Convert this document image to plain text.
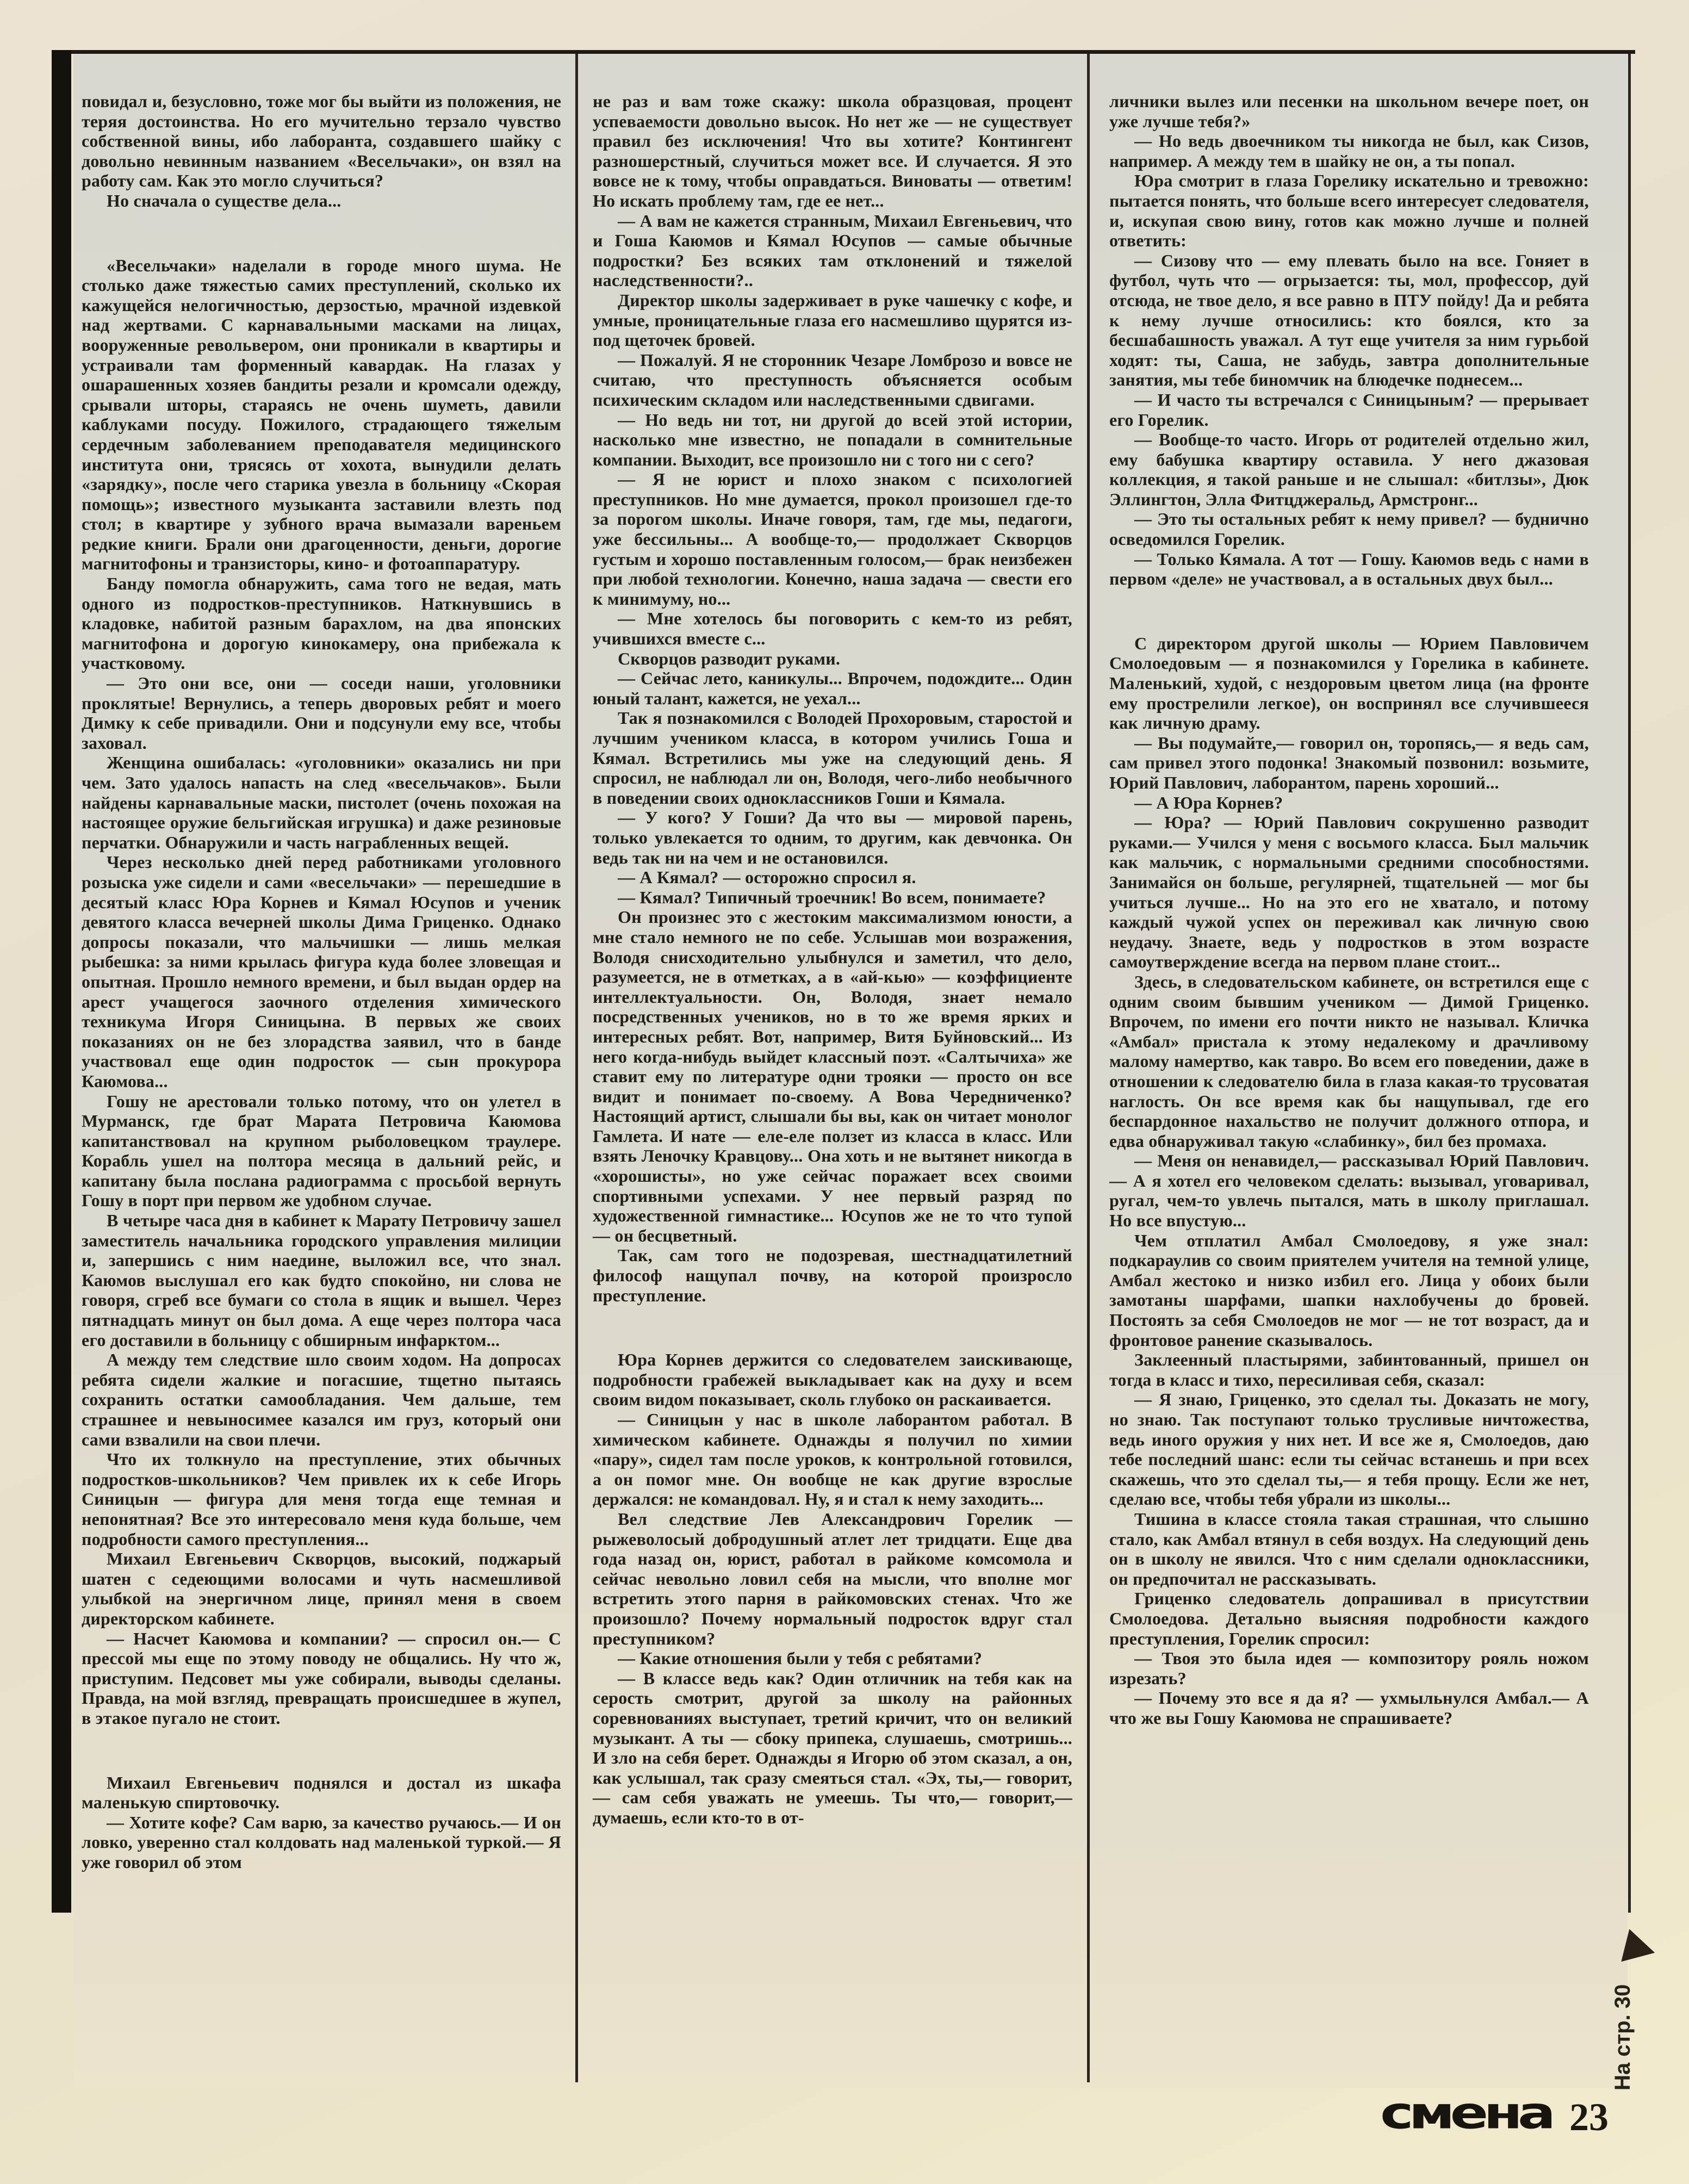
повидал и, безусловно, тоже мог бы выйти из положения, не теряя достоинства. Но его мучительно терзало чувство собственной вины, ибо лаборанта, создавшего шайку с довольно невинным названием «Весельчаки», он взял на работу сам. Как это могло случиться?

Но сначала о существе дела...

«Весельчаки» наделали в городе много шума. Не столько даже тяжестью самих преступлений, сколько их кажущейся нелогичностью, дерзостью, мрачной издевкой над жертвами. С карнавальными масками на лицах, вооруженные револьвером, они проникали в квартиры и устраивали там форменный кавардак. На глазах у ошарашенных хозяев бандиты резали и кромсали одежду, срывали шторы, стараясь не очень шуметь, давили каблуками посуду. Пожилого, страдающего тяжелым сердечным заболеванием преподавателя медицинского института они, трясясь от хохота, вынудили делать «зарядку», после чего старика увезла в больницу «Скорая помощь»; известного музыканта заставили влезть под стол; в квартире у зубного врача вымазали вареньем редкие книги. Брали они драгоценности, деньги, дорогие магнитофоны и транзисторы, кино- и фотоаппаратуру.

Банду помогла обнаружить, сама того не ведая, мать одного из подростков-преступников. Наткнувшись в кладовке, набитой разным барахлом, на два японских магнитофона и дорогую кинокамеру, она прибежала к участковому.

— Это они все, они — соседи наши, уголовники проклятые! Вернулись, а теперь дворовых ребят и моего Димку к себе привадили. Они и подсунули ему все, чтобы заховал.

Женщина ошибалась: «уголовники» оказались ни при чем. Зато удалось напасть на след «весельчаков». Были найдены карнавальные маски, пистолет (очень похожая на настоящее оружие бельгийская игрушка) и даже резиновые перчатки. Обнаружили и часть награбленных вещей.

Через несколько дней перед работниками уголовного розыска уже сидели и сами «весельчаки» — перешедшие в десятый класс Юра Корнев и Кямал Юсупов и ученик девятого класса вечерней школы Дима Гриценко. Однако допросы показали, что мальчишки — лишь мелкая рыбешка: за ними крылась фигура куда более зловещая и опытная. Прошло немного времени, и был выдан ордер на арест учащегося заочного отделения химического техникума Игоря Синицына. В первых же своих показаниях он не без злорадства заявил, что в банде участвовал еще один подросток — сын прокурора Каюмова...

Гошу не арестовали только потому, что он улетел в Мурманск, где брат Марата Петровича Каюмова капитанствовал на крупном рыболовецком траулере. Корабль ушел на полтора месяца в дальний рейс, и капитану была послана радиограмма с просьбой вернуть Гошу в порт при первом же удобном случае.

В четыре часа дня в кабинет к Марату Петровичу зашел заместитель начальника городского управления милиции и, запершись с ним наедине, выложил все, что знал. Каюмов выслушал его как будто спокойно, ни слова не говоря, сгреб все бумаги со стола в ящик и вышел. Через пятнадцать минут он был дома. А еще через полтора часа его доставили в больницу с обширным инфарктом...

А между тем следствие шло своим ходом. На допросах ребята сидели жалкие и погасшие, тщетно пытаясь сохранить остатки самообладания. Чем дальше, тем страшнее и невыносимее казался им груз, который они сами взвалили на свои плечи.

Что их толкнуло на преступление, этих обычных подростков-школьников? Чем привлек их к себе Игорь Синицын — фигура для меня тогда еще темная и непонятная? Все это интересовало меня куда больше, чем подробности самого преступления...

Михаил Евгеньевич Скворцов, высокий, поджарый шатен с седеющими волосами и чуть насмешливой улыбкой на энергичном лице, принял меня в своем директорском кабинете.

— Насчет Каюмова и компании? — спросил он.— С прессой мы еще по этому поводу не общались. Ну что ж, приступим. Педсовет мы уже собирали, выводы сделаны. Правда, на мой взгляд, превращать происшедшее в жупел, в этакое пугало не стоит.

Михаил Евгеньевич поднялся и достал из шкафа маленькую спиртовочку.

— Хотите кофе? Сам варю, за качество ручаюсь.— И он ловко, уверенно стал колдовать над маленькой туркой.— Я уже говорил об этом

не раз и вам тоже скажу: школа образцовая, процент успеваемости довольно высок. Но нет же — не существует правил без исключения! Что вы хотите? Контингент разношерстный, случиться может все. И случается. Я это вовсе не к тому, чтобы оправдаться. Виноваты — ответим! Но искать проблему там, где ее нет...

— А вам не кажется странным, Михаил Евгеньевич, что и Гоша Каюмов и Кямал Юсупов — самые обычные подростки? Без всяких там отклонений и тяжелой наследственности?..

Директор школы задерживает в руке чашечку с кофе, и умные, проницательные глаза его насмешливо щурятся из-под щеточек бровей.

— Пожалуй. Я не сторонник Чезаре Ломброзо и вовсе не считаю, что преступность объясняется особым психическим складом или наследственными сдвигами.

— Но ведь ни тот, ни другой до всей этой истории, насколько мне известно, не попадали в сомнительные компании. Выходит, все произошло ни с того ни с сего?

— Я не юрист и плохо знаком с психологией преступников. Но мне думается, прокол произошел где-то за порогом школы. Иначе говоря, там, где мы, педагоги, уже бессильны... А вообще-то,— продолжает Скворцов густым и хорошо поставленным голосом,— брак неизбежен при любой технологии. Конечно, наша задача — свести его к минимуму, но...

— Мне хотелось бы поговорить с кем-то из ребят, учившихся вместе с...

Скворцов разводит руками.

— Сейчас лето, каникулы... Впрочем, подождите... Один юный талант, кажется, не уехал...

Так я познакомился с Володей Прохоровым, старостой и лучшим учеником класса, в котором учились Гоша и Кямал. Встретились мы уже на следующий день. Я спросил, не наблюдал ли он, Володя, чего-либо необычного в поведении своих одноклассников Гоши и Кямала.

— У кого? У Гоши? Да что вы — мировой парень, только увлекается то одним, то другим, как девчонка. Он ведь так ни на чем и не остановился.

— А Кямал? — осторожно спросил я.

— Кямал? Типичный троечник! Во всем, понимаете?

Он произнес это с жестоким максимализмом юности, а мне стало немного не по себе. Услышав мои возражения, Володя снисходительно улыбнулся и заметил, что дело, разумеется, не в отметках, а в «ай-кью» — коэффициенте интеллектуальности. Он, Володя, знает немало посредственных учеников, но в то же время ярких и интересных ребят. Вот, например, Витя Буйновский... Из него когда-нибудь выйдет классный поэт. «Салтычиха» же ставит ему по литературе одни трояки — просто он все видит и понимает по-своему. А Вова Чередниченко? Настоящий артист, слышали бы вы, как он читает монолог Гамлета. И нате — еле-еле ползет из класса в класс. Или взять Леночку Кравцову... Она хоть и не вытянет никогда в «хорошисты», но уже сейчас поражает всех своими спортивными успехами. У нее первый разряд по художественной гимнастике... Юсупов же не то что тупой — он бесцветный.

Так, сам того не подозревая, шестнадцатилетний философ нащупал почву, на которой произросло преступление.

Юра Корнев держится со следователем заискивающе, подробности грабежей выкладывает как на духу и всем своим видом показывает, сколь глубоко он раскаивается.

— Синицын у нас в школе лаборантом работал. В химическом кабинете. Однажды я получил по химии «пару», сидел там после уроков, к контрольной готовился, а он помог мне. Он вообще не как другие взрослые держался: не командовал. Ну, я и стал к нему заходить...

Вел следствие Лев Александрович Горелик — рыжеволосый добродушный атлет лет тридцати. Еще два года назад он, юрист, работал в райкоме комсомола и сейчас невольно ловил себя на мысли, что вполне мог встретить этого парня в райкомовских стенах. Что же произошло? Почему нормальный подросток вдруг стал преступником?

— Какие отношения были у тебя с ребятами?

— В классе ведь как? Один отличник на тебя как на серость смотрит, другой за школу на районных соревнованиях выступает, третий кричит, что он великий музыкант. А ты — сбоку припека, слушаешь, смотришь... И зло на себя берет. Однажды я Игорю об этом сказал, а он, как услышал, так сразу смеяться стал. «Эх, ты,— говорит,— сам себя уважать не умеешь. Ты что,— говорит,— думаешь, если кто-то в от-

личники вылез или песенки на школьном вечере поет, он уже лучше тебя?»

— Но ведь двоечником ты никогда не был, как Сизов, например. А между тем в шайку не он, а ты попал.

Юра смотрит в глаза Горелику искательно и тревожно: пытается понять, что больше всего интересует следователя, и, искупая свою вину, готов как можно лучше и полней ответить:

— Сизову что — ему плевать было на все. Гоняет в футбол, чуть что — огрызается: ты, мол, профессор, дуй отсюда, не твое дело, я все равно в ПТУ пойду! Да и ребята к нему лучше относились: кто боялся, кто за бесшабашность уважал. А тут еще учителя за ним гурьбой ходят: ты, Саша, не забудь, завтра дополнительные занятия, мы тебе биномчик на блюдечке поднесем...

— И часто ты встречался с Синицыным? — прерывает его Горелик.

— Вообще-то часто. Игорь от родителей отдельно жил, ему бабушка квартиру оставила. У него джазовая коллекция, я такой раньше и не слышал: «битлзы», Дюк Эллингтон, Элла Фитцджеральд, Армстронг...

— Это ты остальных ребят к нему привел? — буднично осведомился Горелик.

— Только Кямала. А тот — Гошу. Каюмов ведь с нами в первом «деле» не участвовал, а в остальных двух был...

С директором другой школы — Юрием Павловичем Смолоедовым — я познакомился у Горелика в кабинете. Маленький, худой, с нездоровым цветом лица (на фронте ему прострелили легкое), он воспринял все случившееся как личную драму.

— Вы подумайте,— говорил он, торопясь,— я ведь сам, сам привел этого подонка! Знакомый позвонил: возьмите, Юрий Павлович, лаборантом, парень хороший...

— А Юра Корнев?

— Юра? — Юрий Павлович сокрушенно разводит руками.— Учился у меня с восьмого класса. Был мальчик как мальчик, с нормальными средними способностями. Занимайся он больше, регулярней, тщательней — мог бы учиться лучше... Но на это его не хватало, и потому каждый чужой успех он переживал как личную свою неудачу. Знаете, ведь у подростков в этом возрасте самоутверждение всегда на первом плане стоит...

Здесь, в следовательском кабинете, он встретился еще с одним своим бывшим учеником — Димой Гриценко. Впрочем, по имени его почти никто не называл. Кличка «Амбал» пристала к этому недалекому и драчливому малому намертво, как тавро. Во всем его поведении, даже в отношении к следователю била в глаза какая-то трусоватая наглость. Он все время как бы нащупывал, где его беспардонное нахальство не получит должного отпора, и едва обнаруживал такую «слабинку», бил без промаха.

— Меня он ненавидел,— рассказывал Юрий Павлович.— А я хотел его человеком сделать: вызывал, уговаривал, ругал, чем-то увлечь пытался, мать в школу приглашал. Но все впустую...

Чем отплатил Амбал Смолоедову, я уже знал: подкараулив со своим приятелем учителя на темной улице, Амбал жестоко и низко избил его. Лица у обоих были замотаны шарфами, шапки нахлобучены до бровей. Постоять за себя Смолоедов не мог — не тот возраст, да и фронтовое ранение сказывалось.

Заклеенный пластырями, забинтованный, пришел он тогда в класс и тихо, пересиливая себя, сказал:

— Я знаю, Гриценко, это сделал ты. Доказать не могу, но знаю. Так поступают только трусливые ничтожества, ведь иного оружия у них нет. И все же я, Смолоедов, даю тебе последний шанс: если ты сейчас встанешь и при всех скажешь, что это сделал ты,— я тебя прощу. Если же нет, сделаю все, чтобы тебя убрали из школы...

Тишина в классе стояла такая страшная, что слышно стало, как Амбал втянул в себя воздух. На следующий день он в школу не явился. Что с ним сделали одноклассники, он предпочитал не рассказывать.

Гриценко следователь допрашивал в присутствии Смолоедова. Детально выясняя подробности каждого преступления, Горелик спросил:

— Твоя это была идея — композитору рояль ножом изрезать?

— Почему это все я да я? — ухмыльнулся Амбал.— А что же вы Гошу Каюмова не спрашиваете?

На стр. 30
смена 23
